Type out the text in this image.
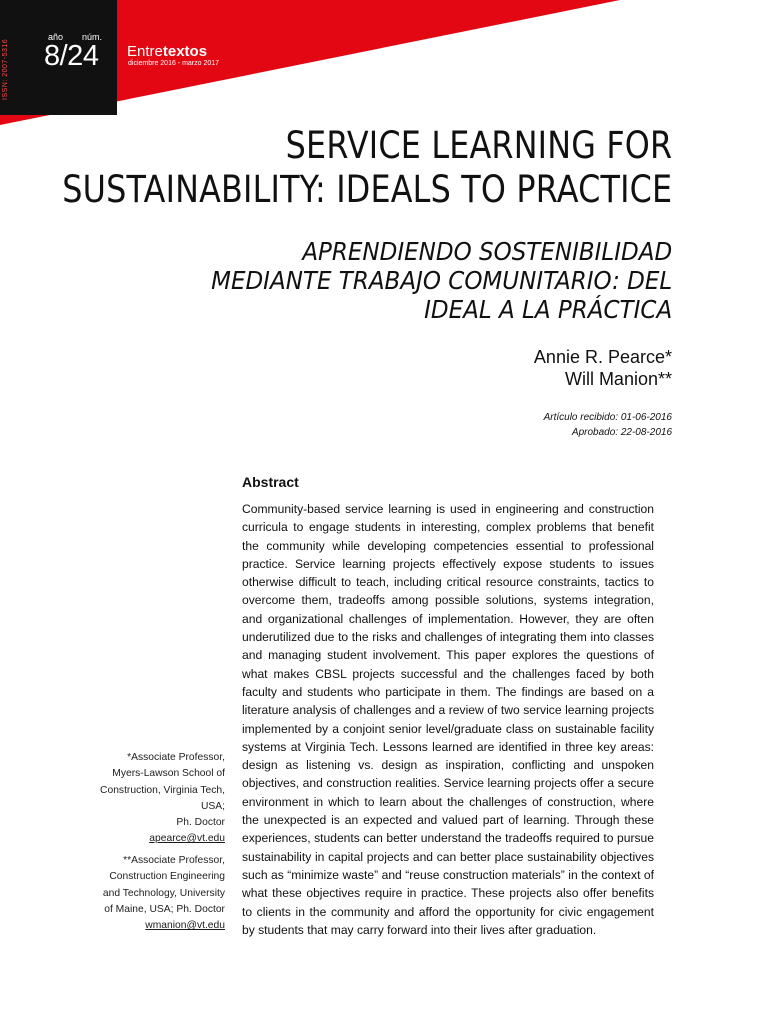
ISSN: 2007-5316
año núm.
8/24 Entretextos
diciembre 2016 - marzo 2017
SERVICE LEARNING FOR
SUSTAINABILITY: IDEALS TO PRACTICE
APRENDIENDO SOSTENIBILIDAD
MEDIANTE TRABAJO COMUNITARIO: DEL
IDEAL A LA PRÁCTICA
Annie R. Pearce*
Will Manion**
Artículo recibido: 01-06-2016
Aprobado: 22-08-2016
Abstract
Community-based service learning is used in engineering and construction curricula to engage students in interesting, complex problems that benefit the community while developing competencies essential to professional practice. Service learning projects effectively expose students to issues otherwise difficult to teach, including critical resource constraints, tactics to overcome them, tradeoffs among possible solutions, systems integration, and organizational challenges of implementation. However, they are often underutilized due to the risks and challenges of integrating them into classes and managing student involvement. This paper explores the questions of what makes CBSL projects successful and the challenges faced by both faculty and students who participate in them. The findings are based on a literature analysis of challenges and a review of two service learning projects implemented by a conjoint senior level/graduate class on sustainable facility systems at Virginia Tech. Lessons learned are identified in three key areas: design as listening vs. design as inspiration, conflicting and unspoken objectives, and construction realities. Service learning projects offer a secure environment in which to learn about the challenges of construction, where the unexpected is an expected and valued part of learning. Through these experiences, students can better understand the tradeoffs required to pursue sustainability in capital projects and can better place sustainability objectives such as “minimize waste” and “reuse construction materials” in the context of what these objectives require in practice. These projects also offer benefits to clients in the community and afford the opportunity for civic engagement by students that may carry forward into their lives after graduation.
*Associate Professor,
Myers-Lawson School of
Construction, Virginia Tech,
USA;
Ph. Doctor
apearce@vt.edu
**Associate Professor,
Construction Engineering
and Technology, University
of Maine, USA; Ph. Doctor
wmanion@vt.edu
